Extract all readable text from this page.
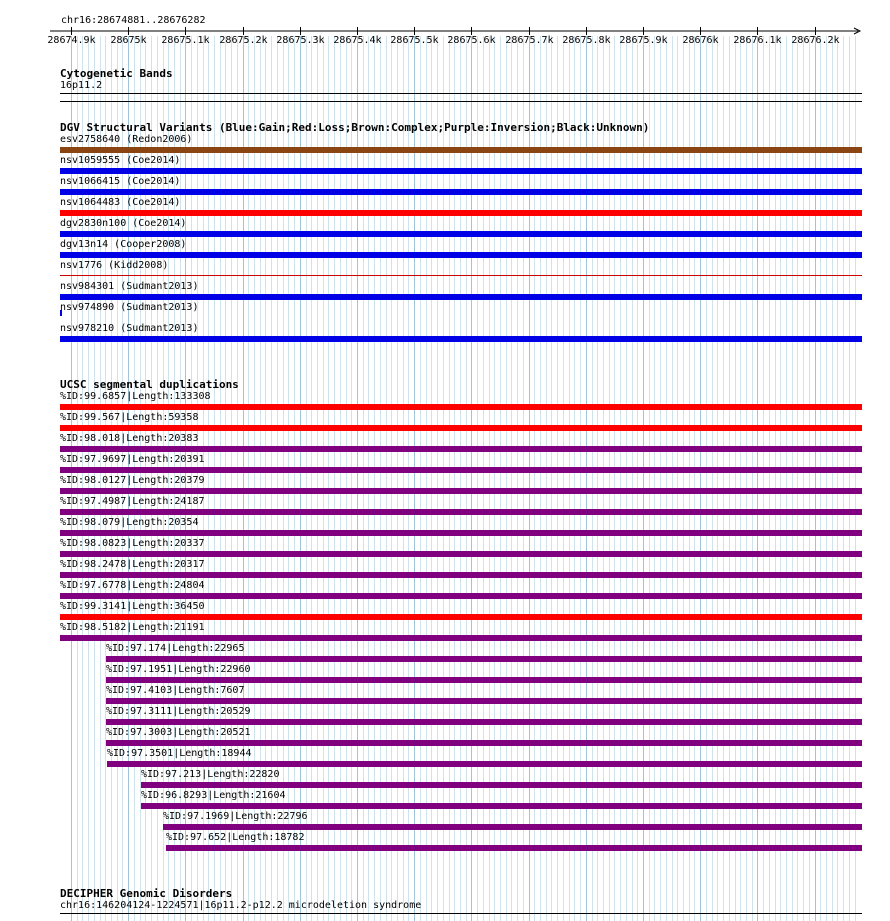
chr16:28674881..28676282
28674.9k 28675k 28675.1k 28675.2k 28675.3k 28675.4k 28675.5k 28675.6k 28675.7k 28675.8k 28675.9k 28676k 28676.1k 28676.2k
Cytogenetic Bands
16p11.2
DGV Structural Variants (Blue:Gain;Red:Loss;Brown:Complex;Purple:Inversion;Black:Unknown)
esv2758640 (Redon2006)
nsv1059555 (Coe2014)
nsv1066415 (Coe2014)
nsv1064483 (Coe2014)
dgv2830n100 (Coe2014)
dgv13n14 (Cooper2008)
nsv1776 (Kidd2008)
nsv984301 (Sudmant2013)
nsv974890 (Sudmant2013)
nsv978210 (Sudmant2013)
UCSC segmental duplications
%ID:99.6857|Length:133308
%ID:99.567|Length:59358
%ID:98.018|Length:20383
%ID:97.9697|Length:20391
%ID:98.0127|Length:20379
%ID:97.4987|Length:24187
%ID:98.079|Length:20354
%ID:98.0823|Length:20337
%ID:98.2478|Length:20317
%ID:97.6778|Length:24804
%ID:99.3141|Length:36450
%ID:98.5182|Length:21191
%ID:97.174|Length:22965
%ID:97.1951|Length:22960
%ID:97.4103|Length:7607
%ID:97.3111|Length:20529
%ID:97.3003|Length:20521
%ID:97.3501|Length:18944
%ID:97.213|Length:22820
%ID:96.8293|Length:21604
%ID:97.1969|Length:22796
%ID:97.652|Length:18782
DECIPHER Genomic Disorders
chr16:146204124-1224571|16p11.2-p12.2 microdeletion syndrome
